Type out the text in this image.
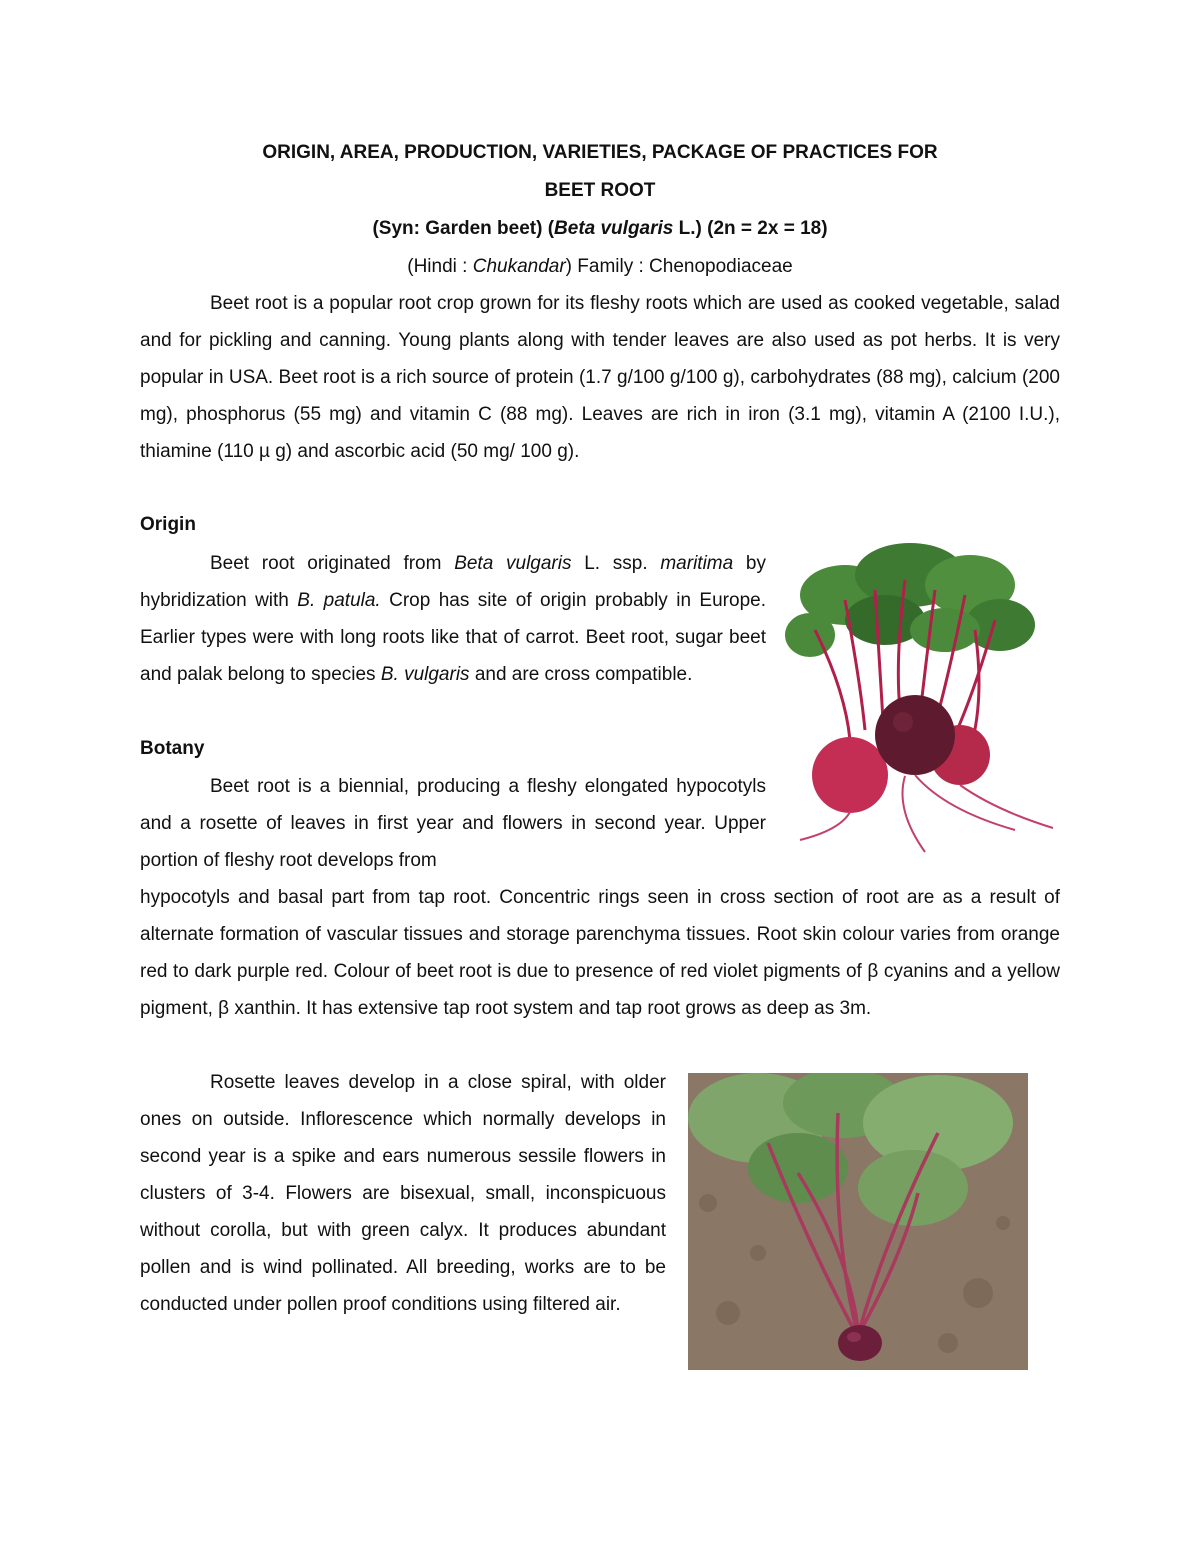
ORIGIN, AREA, PRODUCTION, VARIETIES, PACKAGE OF PRACTICES FOR
BEET ROOT
(Syn: Garden beet) (Beta vulgaris L.) (2n = 2x = 18)
(Hindi : Chukandar) Family : Chenopodiaceae

Beet root is a popular root crop grown for its fleshy roots which are used as cooked vegetable, salad and for pickling and canning. Young plants along with tender leaves are also used as pot herbs. It is very popular in USA. Beet root is a rich source of protein (1.7 g/100 g/100 g), carbohydrates (88 mg), calcium (200 mg), phosphorus (55 mg) and vitamin C (88 mg). Leaves are rich in iron (3.1 mg), vitamin A (2100 I.U.), thiamine (110 µ g) and ascorbic acid (50 mg/ 100 g).

Origin

Beet root originated from Beta vulgaris L. ssp. maritima by hybridization with B. patula. Crop has site of origin probably in Europe. Earlier types were with long roots like that of carrot. Beet root, sugar beet and palak belong to species B. vulgaris and are cross compatible.

Botany

Beet root is a biennial, producing a fleshy elongated hypocotyls and a rosette of leaves in first year and flowers in second year. Upper portion of fleshy root develops from

hypocotyls and basal part from tap root. Concentric rings seen in cross section of root are as a result of alternate formation of vascular tissues and storage parenchyma tissues. Root skin colour varies from orange red to dark purple red. Colour of beet root is due to presence of red violet pigments of β cyanins and a yellow pigment, β xanthin. It has extensive tap root system and tap root grows as deep as 3m.

Rosette leaves develop in a close spiral, with older ones on outside. Inflorescence which normally develops in second year is a spike and ears numerous sessile flowers in clusters of 3-4. Flowers are bisexual, small, inconspicuous without corolla, but with green calyx. It produces abundant pollen and is wind pollinated. All breeding, works are to be conducted under pollen proof conditions using filtered air.
